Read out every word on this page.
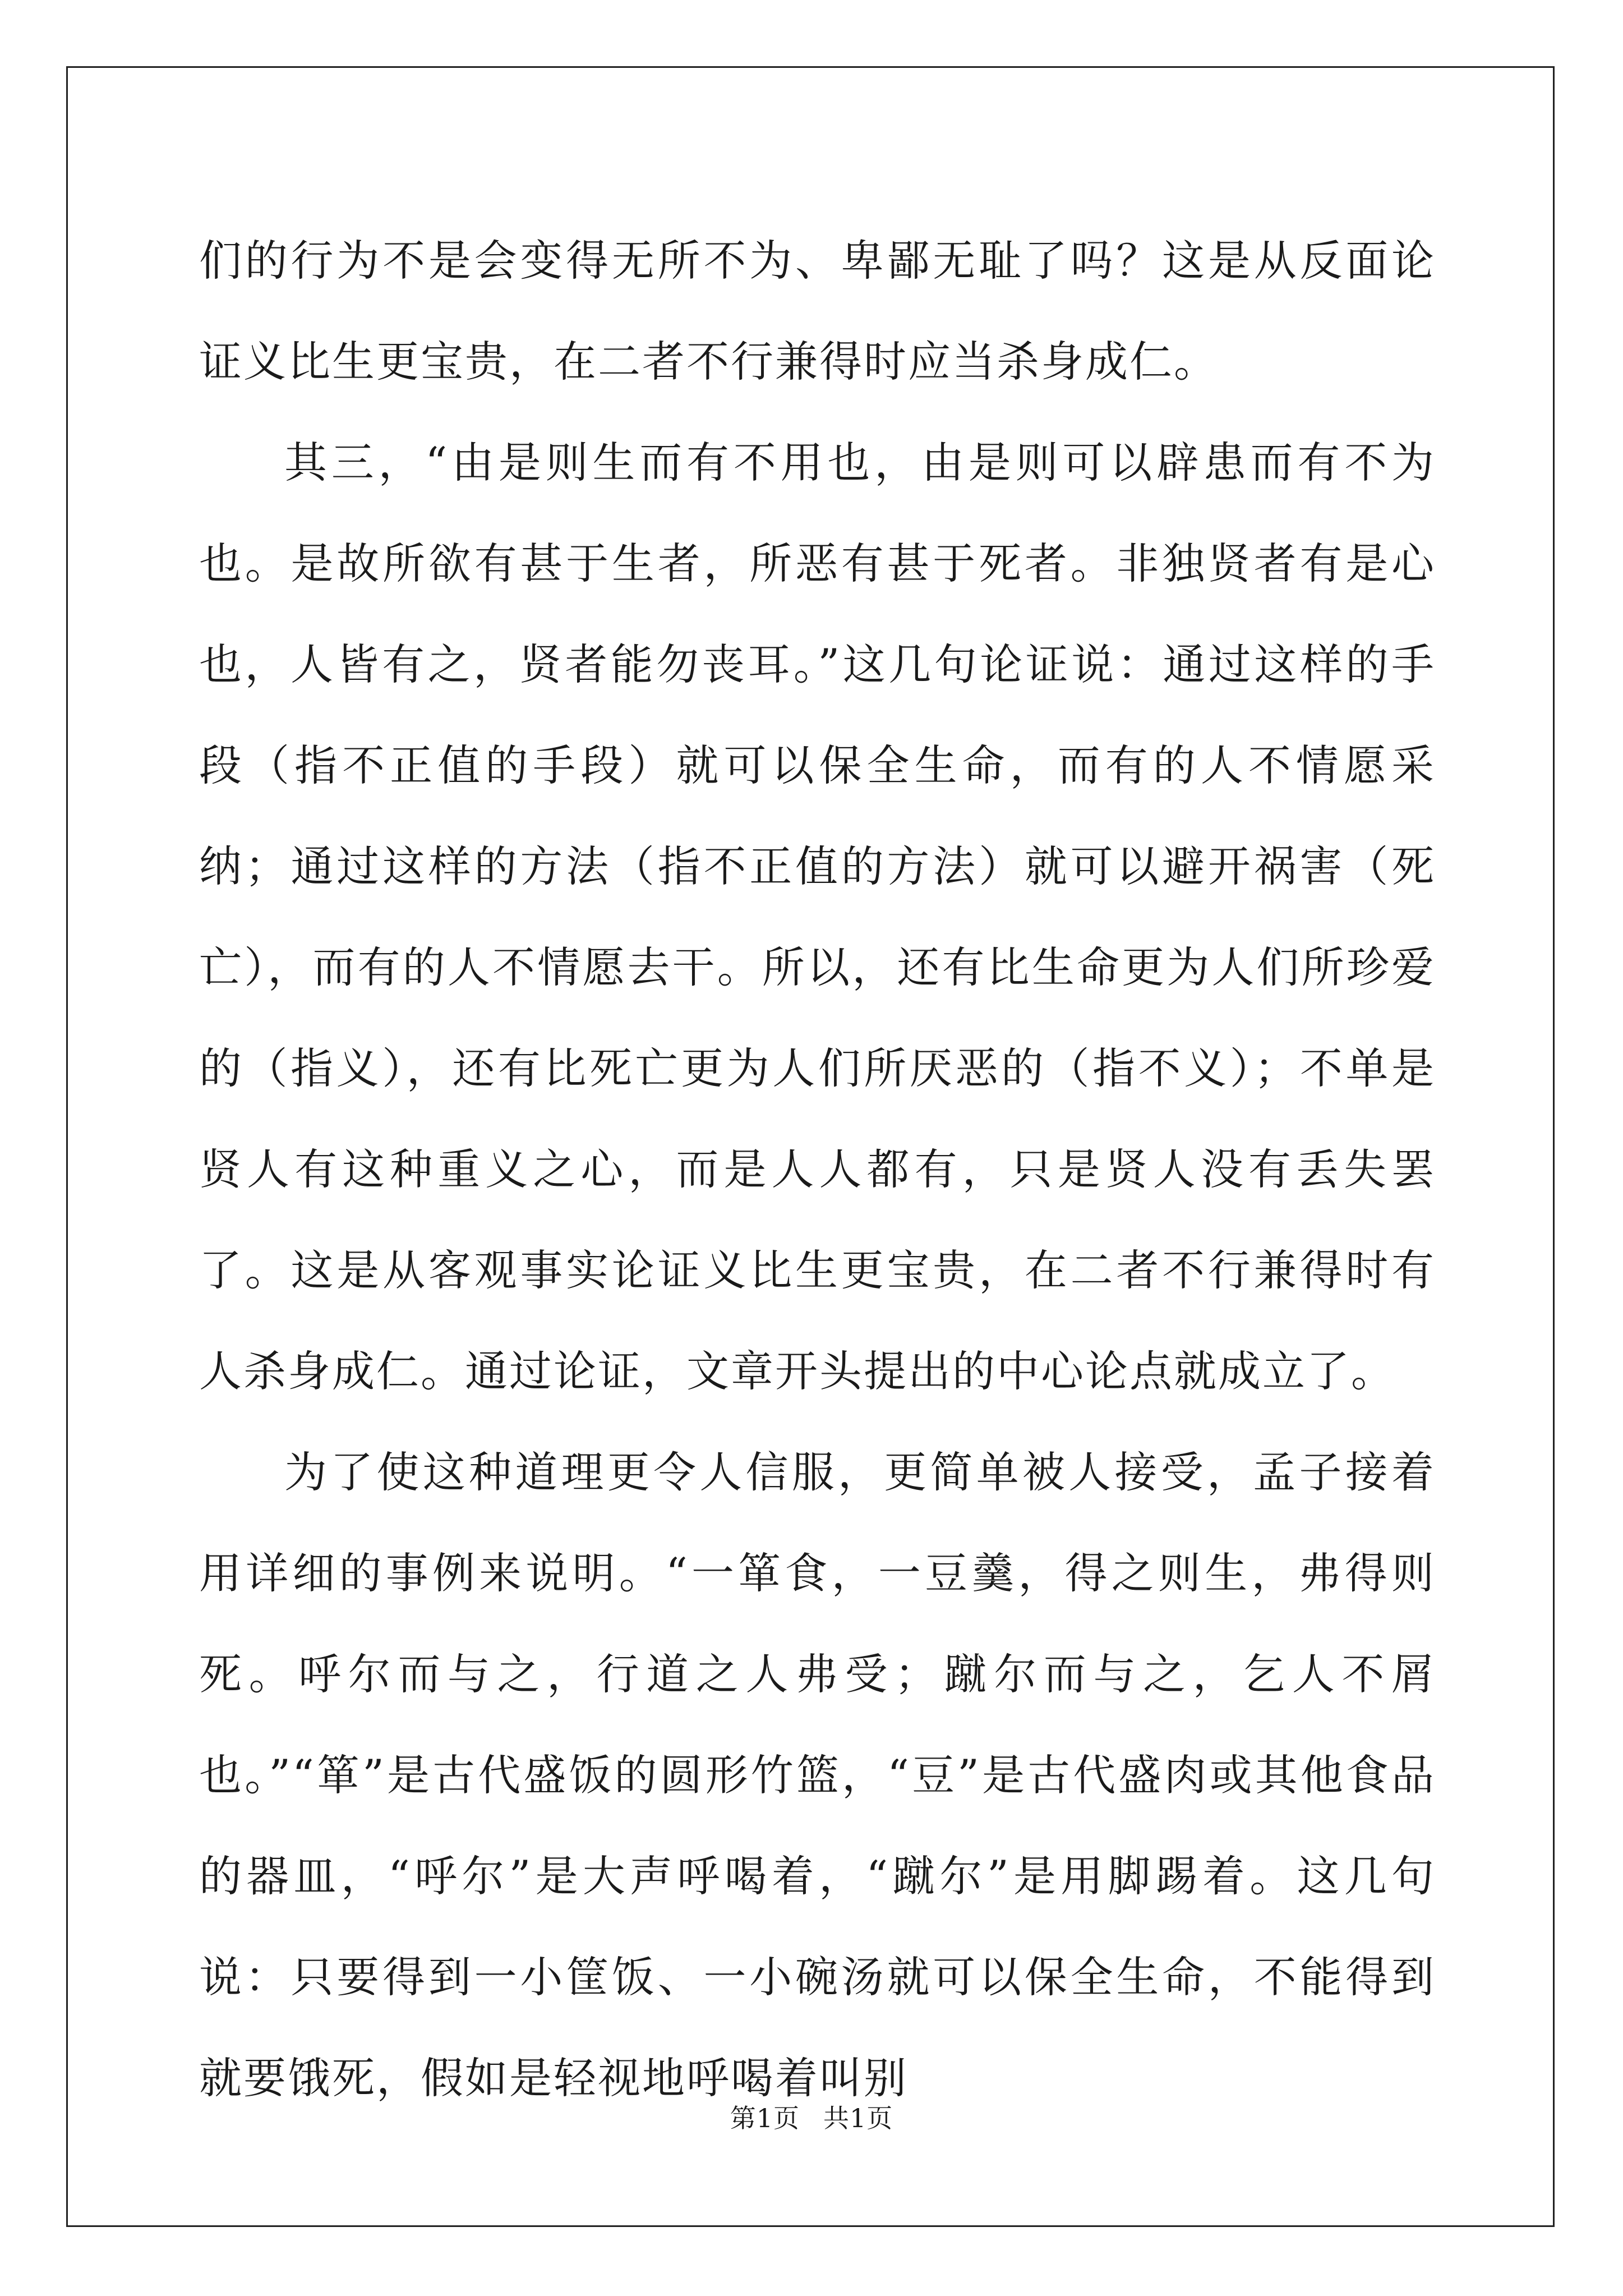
们的行为不是会变得无所不为、卑鄙无耻了吗？这是从反面论证义比生更宝贵，在二者不行兼得时应当杀身成仁。

其三，“由是则生而有不用也，由是则可以辟患而有不为也。是故所欲有甚于生者，所恶有甚于死者。非独贤者有是心也，人皆有之，贤者能勿丧耳。”这几句论证说：通过这样的手段（指不正值的手段）就可以保全生命，而有的人不情愿采纳；通过这样的方法（指不正值的方法）就可以避开祸害（死亡），而有的人不情愿去干。所以，还有比生命更为人们所珍爱的（指义），还有比死亡更为人们所厌恶的（指不义）；不单是贤人有这种重义之心，而是人人都有，只是贤人没有丢失罢了。这是从客观事实论证义比生更宝贵，在二者不行兼得时有人杀身成仁。通过论证，文章开头提出的中心论点就成立了。

为了使这种道理更令人信服，更简单被人接受，孟子接着用详细的事例来说明。“一箪食，一豆羹，得之则生，弗得则死。呼尔而与之，行道之人弗受；蹴尔而与之，乞人不屑也。”“箪”是古代盛饭的圆形竹篮，“豆”是古代盛肉或其他食品的器皿，“呼尔”是大声呼喝着，“蹴尔”是用脚踢着。这几句说：只要得到一小筐饭、一小碗汤就可以保全生命，不能得到就要饿死，假如是轻视地呼喝着叫别

第1页 共1页
